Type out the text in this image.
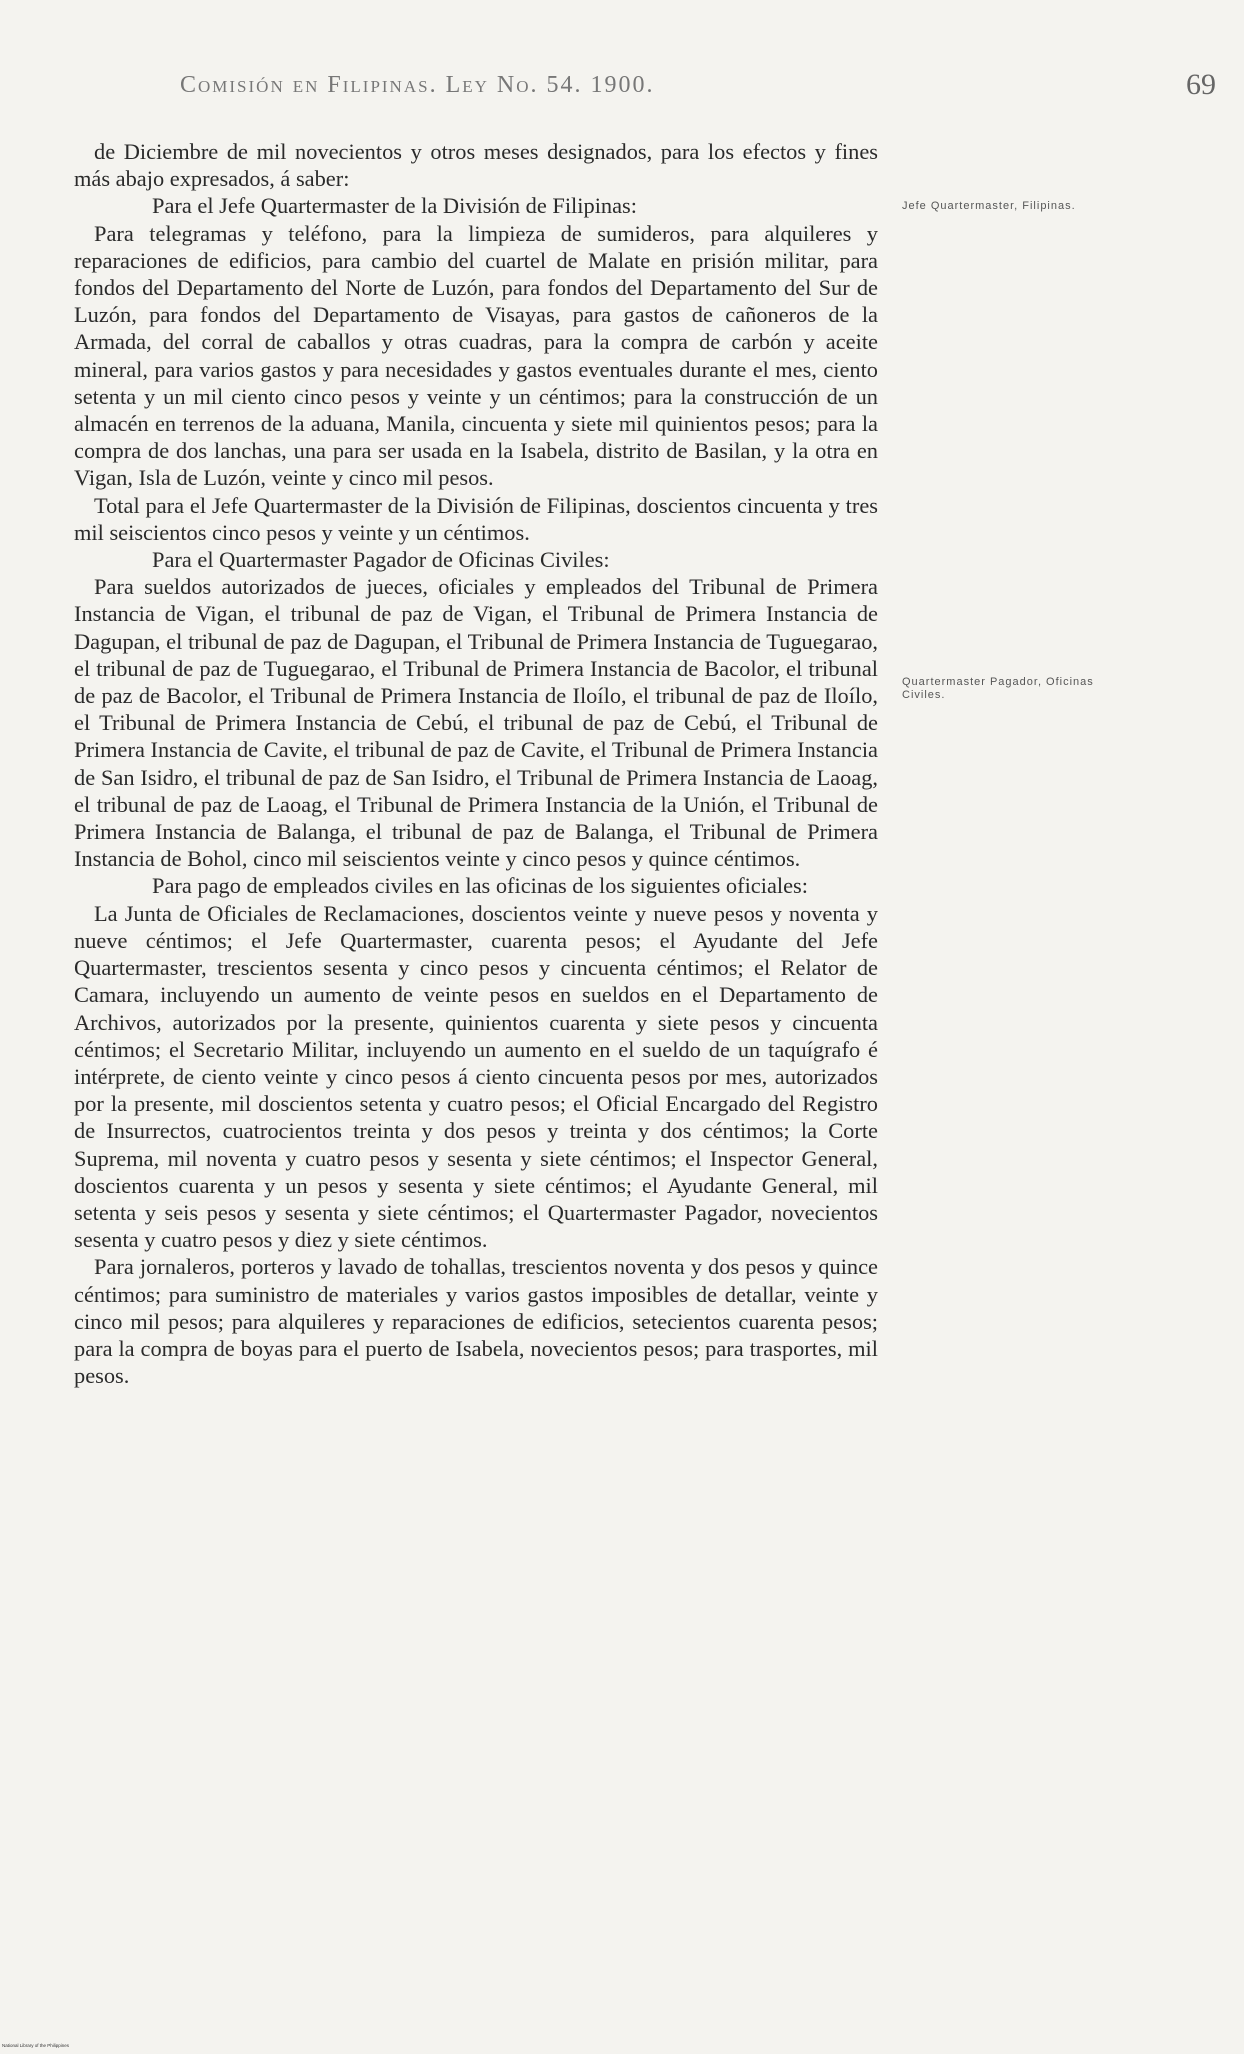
Comisión en Filipinas. Ley No. 54. 1900.	69
Jefe Quartermaster, Filipinas.
Quartermaster Pagador, Oficinas Civiles.

de Diciembre de mil novecientos y otros meses designados, para los efectos y fines más abajo expresados, á saber:

Para el Jefe Quartermaster de la División de Filipinas:

Para telegramas y teléfono, para la limpieza de sumideros, para alquileres y reparaciones de edificios, para cambio del cuartel de Malate en prisión militar, para fondos del Departamento del Norte de Luzón, para fondos del Departamento del Sur de Luzón, para fondos del Departamento de Visayas, para gastos de cañoneros de la Armada, del corral de caballos y otras cuadras, para la compra de carbón y aceite mineral, para varios gastos y para necesidades y gastos eventuales durante el mes, ciento setenta y un mil ciento cinco pesos y veinte y un céntimos; para la construcción de un almacén en terrenos de la aduana, Manila, cincuenta y siete mil quinientos pesos; para la compra de dos lanchas, una para ser usada en la Isabela, distrito de Basilan, y la otra en Vigan, Isla de Luzón, veinte y cinco mil pesos.

Total para el Jefe Quartermaster de la División de Filipinas, doscientos cincuenta y tres mil seiscientos cinco pesos y veinte y un céntimos.

Para el Quartermaster Pagador de Oficinas Civiles:

Para sueldos autorizados de jueces, oficiales y empleados del Tribunal de Primera Instancia de Vigan, el tribunal de paz de Vigan, el Tribunal de Primera Instancia de Dagupan, el tribunal de paz de Dagupan, el Tribunal de Primera Instancia de Tuguegarao, el tribunal de paz de Tuguegarao, el Tribunal de Primera Instancia de Bacolor, el tribunal de paz de Bacolor, el Tribunal de Primera Instancia de Iloílo, el tribunal de paz de Iloílo, el Tribunal de Primera Instancia de Cebú, el tribunal de paz de Cebú, el Tribunal de Primera Instancia de Cavite, el tribunal de paz de Cavite, el Tribunal de Primera Instancia de San Isidro, el tribunal de paz de San Isidro, el Tribunal de Primera Instancia de Laoag, el tribunal de paz de Laoag, el Tribunal de Primera Instancia de la Unión, el Tribunal de Primera Instancia de Balanga, el tribunal de paz de Balanga, el Tribunal de Primera Instancia de Bohol, cinco mil seiscientos veinte y cinco pesos y quince céntimos.

Para pago de empleados civiles en las oficinas de los siguientes oficiales:

La Junta de Oficiales de Reclamaciones, doscientos veinte y nueve pesos y noventa y nueve céntimos; el Jefe Quartermaster, cuarenta pesos; el Ayudante del Jefe Quartermaster, trescientos sesenta y cinco pesos y cincuenta céntimos; el Relator de Camara, incluyendo un aumento de veinte pesos en sueldos en el Departamento de Archivos, autorizados por la presente, quinientos cuarenta y siete pesos y cincuenta céntimos; el Secretario Militar, incluyendo un aumento en el sueldo de un taquígrafo é intérprete, de ciento veinte y cinco pesos á ciento cincuenta pesos por mes, autorizados por la presente, mil doscientos setenta y cuatro pesos; el Oficial Encargado del Registro de Insurrectos, cuatrocientos treinta y dos pesos y treinta y dos céntimos; la Corte Suprema, mil noventa y cuatro pesos y sesenta y siete céntimos; el Inspector General, doscientos cuarenta y un pesos y sesenta y siete céntimos; el Ayudante General, mil setenta y seis pesos y sesenta y siete céntimos; el Quartermaster Pagador, novecientos sesenta y cuatro pesos y diez y siete céntimos.

Para jornaleros, porteros y lavado de tohallas, trescientos noventa y dos pesos y quince céntimos; para suministro de materiales y varios gastos imposibles de detallar, veinte y cinco mil pesos; para alquileres y reparaciones de edificios, setecientos cuarenta pesos; para la compra de boyas para el puerto de Isabela, novecientos pesos; para trasportes, mil pesos.

National Library of the Philippines
